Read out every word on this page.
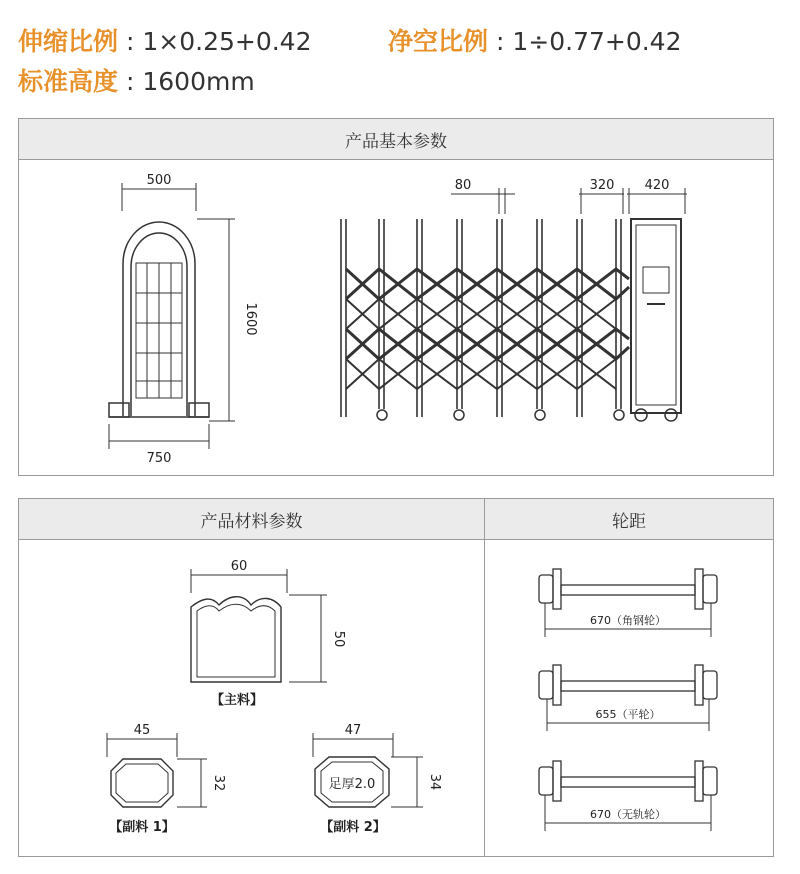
伸缩比例 : 1×0.25+0.42	净空比例 : 1÷0.77+0.42
标准高度 : 1600mm
产品基本参数
500
1600
750
80	320 420
产品材料参数
60
50
【主料】
45
32
【副料 1】
47
34
足厚2.0
【副料 2】
轮距
670（角钢轮）
655（平轮）
670（无轨轮）
